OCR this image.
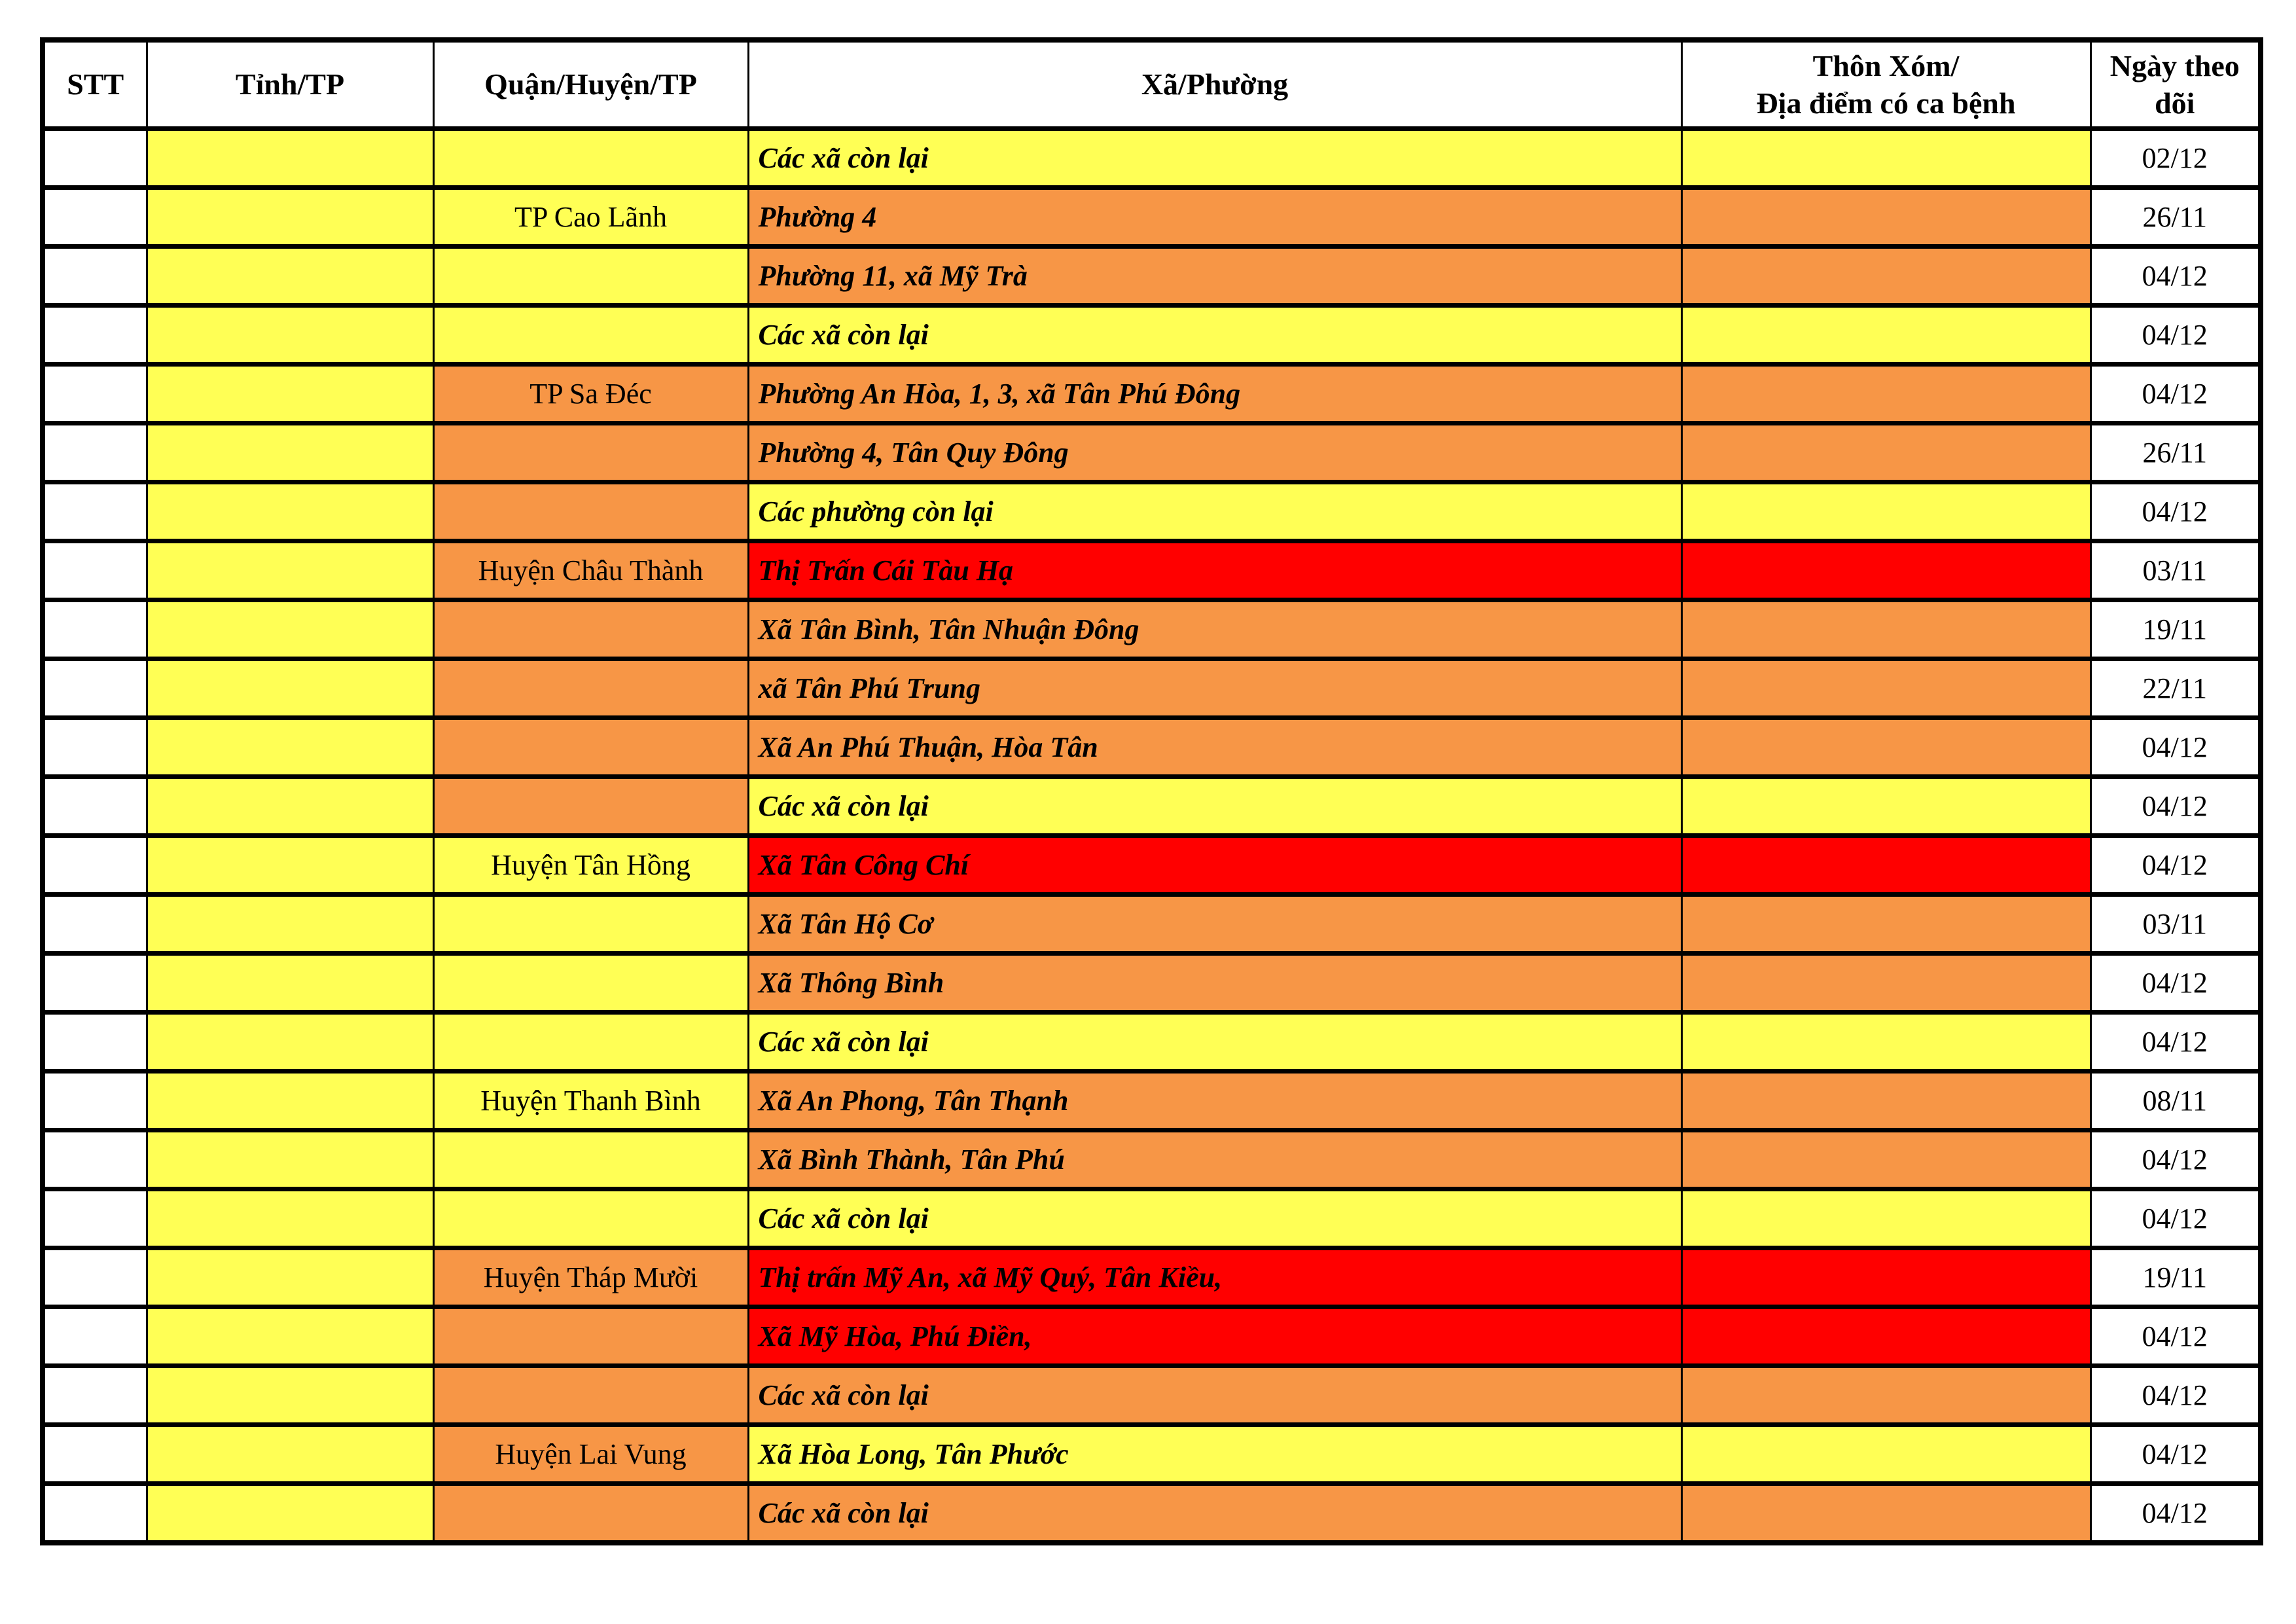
STT	Tỉnh/TP	Quận/Huyện/TP	Xã/Phường	Thôn Xóm/
Địa điểm có ca bệnh	Ngày theo
dõi
			Các xã còn lại		02/12
		TP Cao Lãnh	Phường 4		26/11
			Phường 11, xã Mỹ Trà		04/12
			Các xã còn lại		04/12
		TP Sa Đéc	Phường An Hòa, 1, 3, xã Tân Phú Đông		04/12
			Phường 4, Tân Quy Đông		26/11
			Các phường còn lại		04/12
		Huyện Châu Thành	Thị Trấn Cái Tàu Hạ		03/11
			Xã Tân Bình, Tân Nhuận Đông		19/11
			xã Tân Phú Trung		22/11
			Xã An Phú Thuận, Hòa Tân		04/12
			Các xã còn lại		04/12
		Huyện Tân Hồng	Xã Tân Công Chí		04/12
			Xã Tân Hộ Cơ		03/11
			Xã Thông Bình		04/12
			Các xã còn lại		04/12
		Huyện Thanh Bình	Xã An Phong, Tân Thạnh		08/11
			Xã Bình Thành, Tân Phú		04/12
			Các xã còn lại		04/12
		Huyện Tháp Mười	Thị trấn Mỹ An, xã Mỹ Quý, Tân Kiều,		19/11
			Xã Mỹ Hòa, Phú Điền,		04/12
			Các xã còn lại		04/12
		Huyện Lai Vung	Xã Hòa Long, Tân Phước		04/12
			Các xã còn lại		04/12
